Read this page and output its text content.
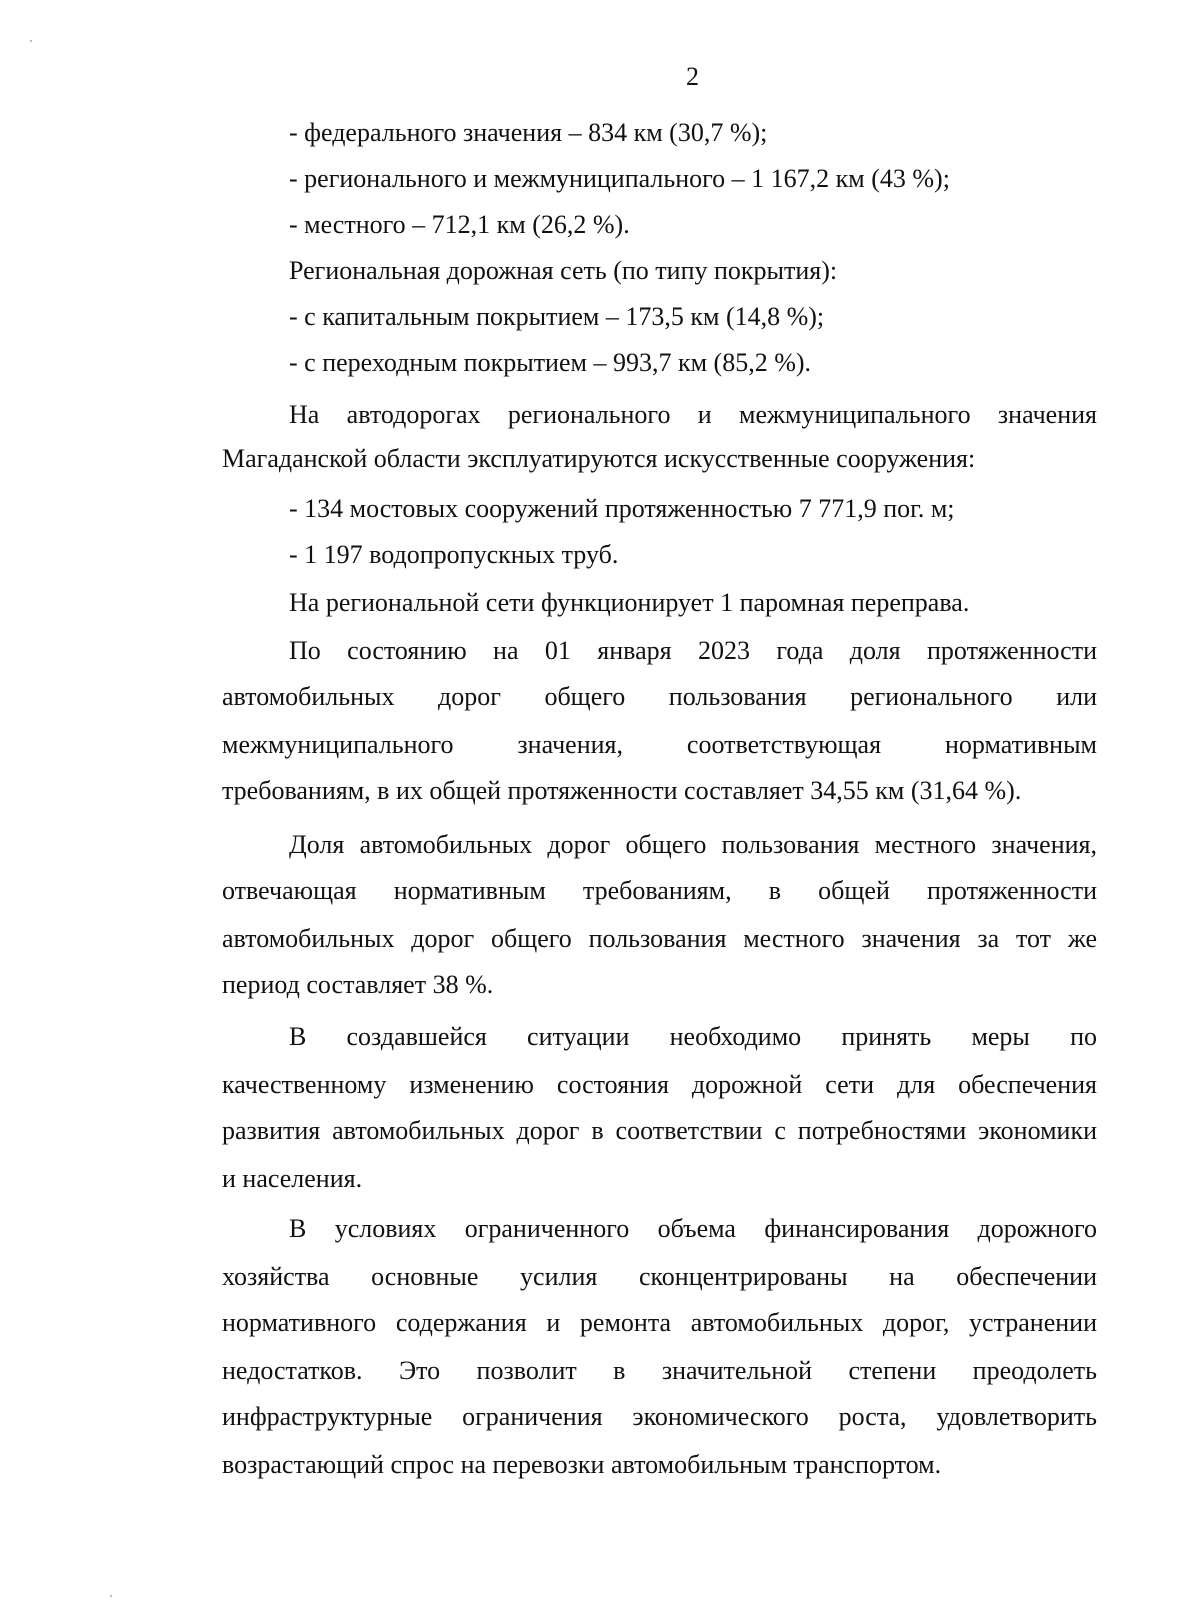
2
- федерального значения – 834 км (30,7 %);
- регионального и межмуниципального – 1 167,2 км (43 %);
- местного – 712,1 км (26,2 %).
Региональная дорожная сеть (по типу покрытия):
- с капитальным покрытием – 173,5 км (14,8 %);
- с переходным покрытием – 993,7 км (85,2 %).
На автодорогах регионального и межмуниципального значения
Магаданской области эксплуатируются искусственные сооружения:
- 134 мостовых сооружений протяженностью 7 771,9 пог. м;
- 1 197 водопропускных труб.
На региональной сети функционирует 1 паромная переправа.
По состоянию на 01 января 2023 года доля протяженности
автомобильных дорог общего пользования регионального или
межмуниципального значения, соответствующая нормативным
требованиям, в их общей протяженности составляет 34,55 км (31,64 %).
Доля автомобильных дорог общего пользования местного значения,
отвечающая нормативным требованиям, в общей протяженности
автомобильных дорог общего пользования местного значения за тот же
период составляет 38 %.
В создавшейся ситуации необходимо принять меры по
качественному изменению состояния дорожной сети для обеспечения
развития автомобильных дорог в соответствии с потребностями экономики
и населения.
В условиях ограниченного объема финансирования дорожного
хозяйства основные усилия сконцентрированы на обеспечении
нормативного содержания и ремонта автомобильных дорог, устранении
недостатков. Это позволит в значительной степени преодолеть
инфраструктурные ограничения экономического роста, удовлетворить
возрастающий спрос на перевозки автомобильным транспортом.
